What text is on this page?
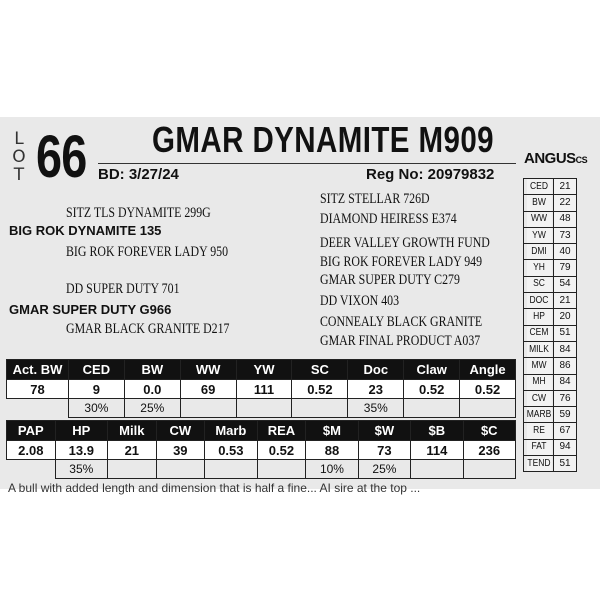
L
O
T 66 GMAR DYNAMITE M909
BD: 3/27/24	Reg No: 20979832
ANGUSCS
SITZ TLS DYNAMITE 299G
BIG ROK DYNAMITE 135
BIG ROK FOREVER LADY 950
DD SUPER DUTY 701
GMAR SUPER DUTY G966
GMAR BLACK GRANITE D217
SITZ STELLAR 726D
DIAMOND HEIRESS E374
DEER VALLEY GROWTH FUND
BIG ROK FOREVER LADY 949
GMAR SUPER DUTY C279
DD VIXON 403
CONNEALY BLACK GRANITE
GMAR FINAL PRODUCT A037
CED	21
BW	22
WW	48
YW	73
DMI	40
YH	79
SC	54
DOC	21
HP	20
CEM	51
MILK	84
MW	86
MH	84
CW	76
MARB	59
RE	67
FAT	94
TEND	51
Act. BW	CED	BW	WW	YW	SC	Doc	Claw	Angle
78	9	0.0	69	111	0.52	23	0.52	0.52
	30%	25%				35%		
PAP	HP	Milk	CW	Marb	REA	$M	$W	$B	$C
2.08	13.9	21	39	0.53	0.52	88	73	114	236
	35%					10%	25%		
A bull with added length and dimension that is half a fine... AI sire at the top ...
